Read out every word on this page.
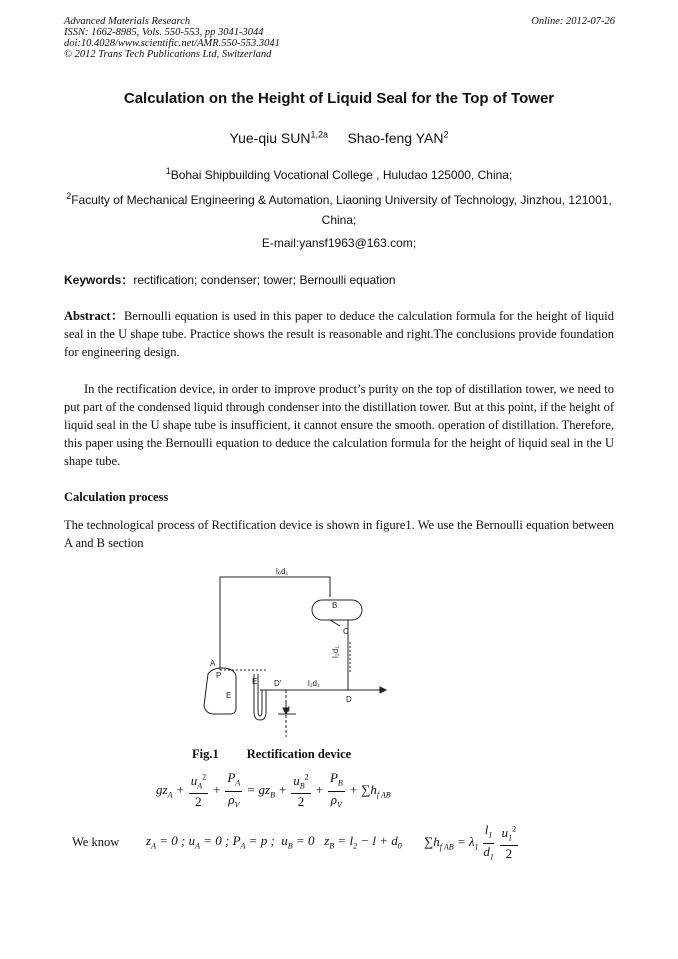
Advanced Materials Research
ISSN: 1662-8985, Vols. 550-553, pp 3041-3044
doi:10.4028/www.scientific.net/AMR.550-553.3041
© 2012 Trans Tech Publications Ltd, Switzerland
Online: 2012-07-26
Calculation on the Height of Liquid Seal for the Top of Tower
Yue-qiu $SUN^{1,2a}$ Shao-feng YAN$^2$
$^1$Bohai Shipbuilding Vocational College , Huludao 125000, China;
$^2$Faculty of Mechanical Engineering & Automation, Liaoning University of Technology, Jinzhou, 121001, China;
E-mail:yansf1963@163.com;
Keywords：rectification; condenser; tower; Bernoulli equation
Abstract：Bernoulli equation is used in this paper to deduce the calculation formula for the height of liquid seal in the U shape tube. Practice shows the result is reasonable and right.The conclusions provide foundation for engineering design.
In the rectification device, in order to improve product’s purity on the top of distillation tower, we need to put part of the condensed liquid through condenser into the distillation tower. But at this point, if the height of liquid seal in the U shape tube is insufficient, it cannot ensure the smooth. operation of distillation. Therefore, this paper using the Bernoulli equation to deduce the calculation formula for the height of liquid seal in the U shape tube.
Calculation process
The technological process of Rectification device is shown in figure1. We use the Bernoulli equation between A and B section
l₀d₁
B
C
l₂d₁
l₁d₁
A
P
E
E' D'
D
l
Fig.1 Rectification device
$gz_A + \frac{u_A^2}{2} + \frac{P_A}{\rho_V} = gz_B + \frac{u_B^2}{2} + \frac{P_B}{\rho_V} + \sum h_{f AB}$
We know $z_A = 0$ ; $u_A = 0$ ; $P_A = p$ ;  $u_B = 0$   $z_B = l_2 - l + d_0$ $\sum h_{f AB} = \lambda_1 \frac{l_1}{d_1}$
$\frac{u_1^2}{2}$
